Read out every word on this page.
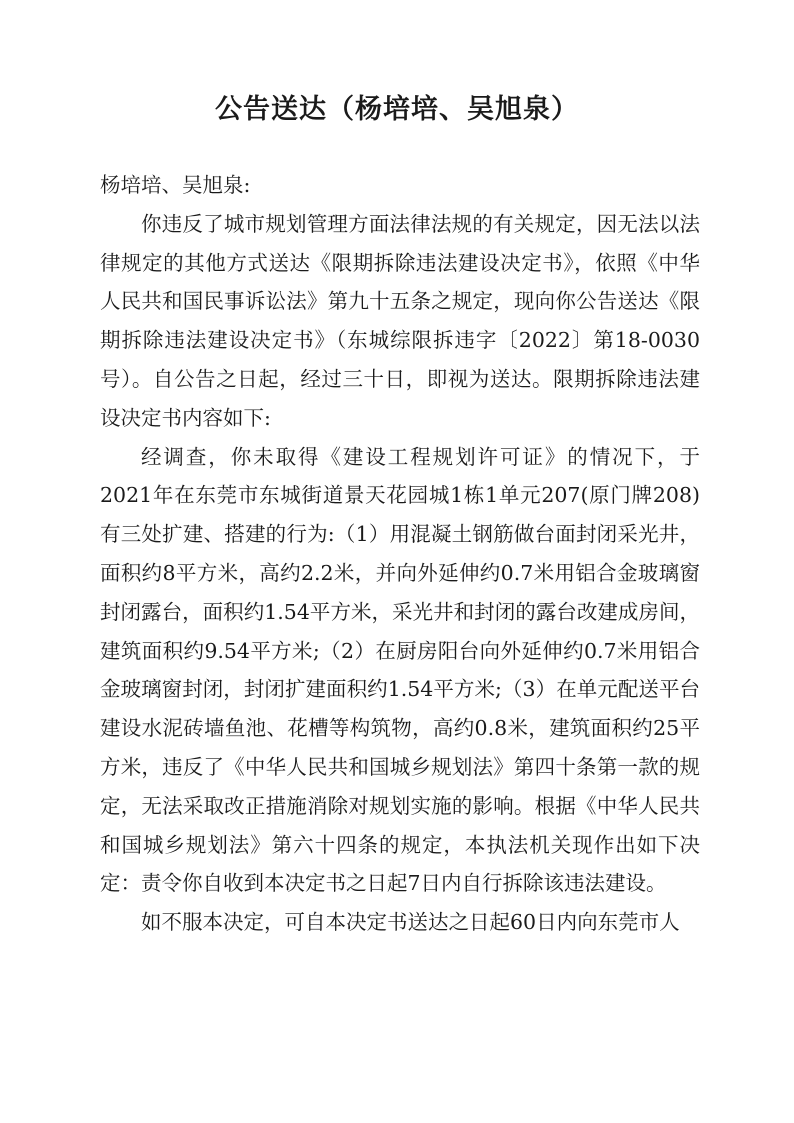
公告送达（杨培培、吴旭泉）

杨培培、吴旭泉:

你违反了城市规划管理方面法律法规的有关规定，因无法以法律规定的其他方式送达《限期拆除违法建设决定书》，依照《中华人民共和国民事诉讼法》第九十五条之规定，现向你公告送达《限期拆除违法建设决定书》（东城综限拆违字〔2022〕第18-0030号）。自公告之日起，经过三十日，即视为送达。限期拆除违法建设决定书内容如下:

经调查，你未取得《建设工程规划许可证》的情况下，于2021年在东莞市东城街道景天花园城1栋1单元207(原门牌208)有三处扩建、搭建的行为:（1）用混凝土钢筋做台面封闭采光井，面积约8平方米，高约2.2米，并向外延伸约0.7米用铝合金玻璃窗封闭露台，面积约1.54平方米，采光井和封闭的露台改建成房间，建筑面积约9.54平方米;（2）在厨房阳台向外延伸约0.7米用铝合金玻璃窗封闭，封闭扩建面积约1.54平方米;（3）在单元配送平台建设水泥砖墙鱼池、花槽等构筑物，高约0.8米，建筑面积约25平方米，违反了《中华人民共和国城乡规划法》第四十条第一款的规定，无法采取改正措施消除对规划实施的影响。根据《中华人民共和国城乡规划法》第六十四条的规定，本执法机关现作出如下决定：责令你自收到本决定书之日起7日内自行拆除该违法建设。

如不服本决定，可自本决定书送达之日起60日内向东莞市人
